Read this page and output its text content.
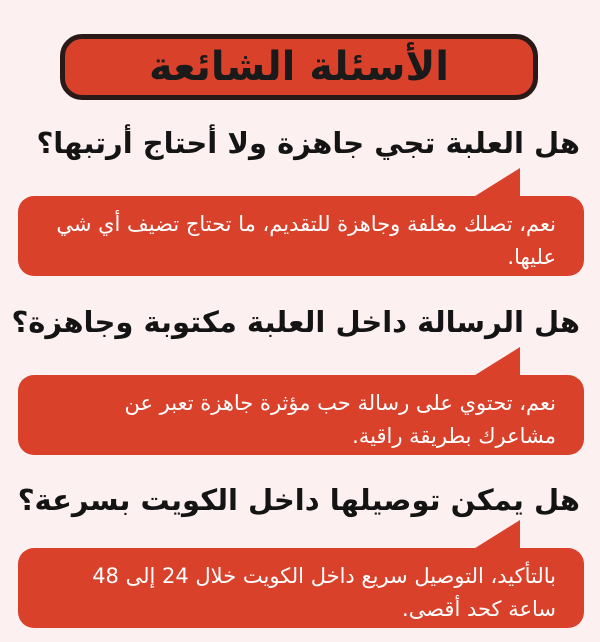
الأسئلة الشائعة
هل العلبة تجي جاهزة ولا أحتاج أرتبها؟

نعم، تصلك مغلفة وجاهزة للتقديم، ما تحتاج تضيف أي شي عليها.

هل الرسالة داخل العلبة مكتوبة وجاهزة؟

نعم، تحتوي على رسالة حب مؤثرة جاهزة تعبر عن مشاعرك بطريقة راقية.

هل يمكن توصيلها داخل الكويت بسرعة؟

بالتأكيد، التوصيل سريع داخل الكويت خلال 24 إلى 48 ساعة كحد أقصى.
